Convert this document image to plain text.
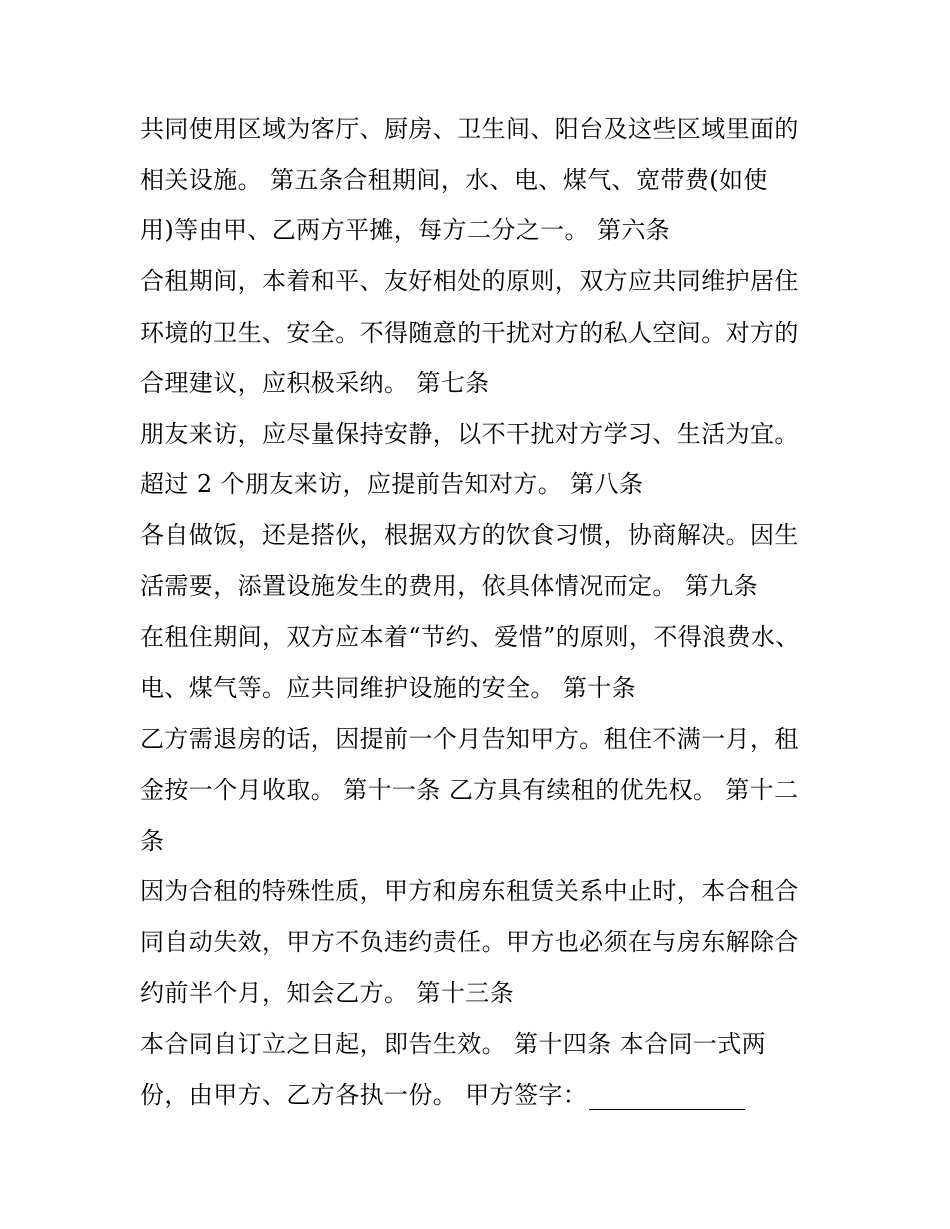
共同使用区域为客厅、厨房、卫生间、阳台及这些区域里面的
相关设施。 第五条合租期间，水、电、煤气、宽带费(如使
用)等由甲、乙两方平摊，每方二分之一。 第六条
合租期间，本着和平、友好相处的原则，双方应共同维护居住
环境的卫生、安全。不得随意的干扰对方的私人空间。对方的
合理建议，应积极采纳。 第七条
朋友来访，应尽量保持安静，以不干扰对方学习、生活为宜。
超过 2 个朋友来访，应提前告知对方。 第八条
各自做饭，还是搭伙，根据双方的饮食习惯，协商解决。因生
活需要，添置设施发生的费用，依具体情况而定。 第九条
在租住期间，双方应本着“节约、爱惜”的原则，不得浪费水、
电、煤气等。应共同维护设施的安全。 第十条
乙方需退房的话，因提前一个月告知甲方。租住不满一月，租
金按一个月收取。 第十一条 乙方具有续租的优先权。 第十二
条
因为合租的特殊性质，甲方和房东租赁关系中止时，本合租合
同自动失效，甲方不负违约责任。甲方也必须在与房东解除合
约前半个月，知会乙方。 第十三条
本合同自订立之日起，即告生效。 第十四条 本合同一式两
份，由甲方、乙方各执一份。 甲方签字：
